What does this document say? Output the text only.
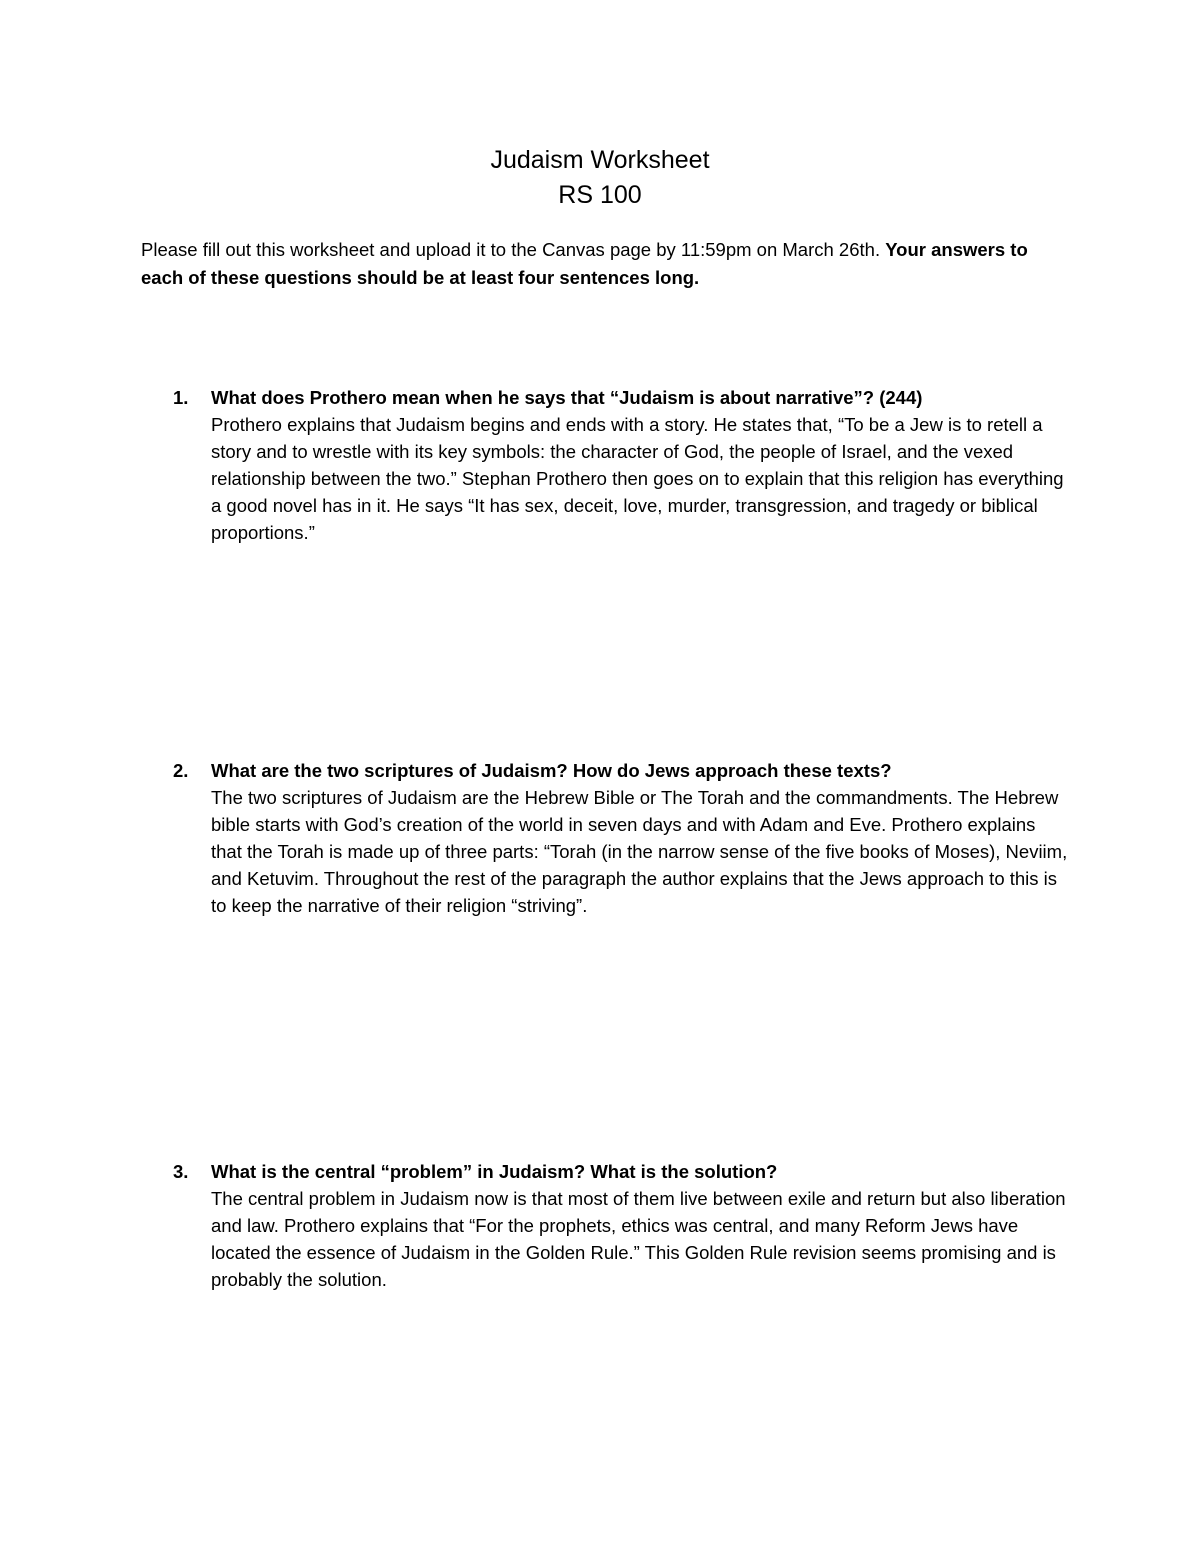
Judaism Worksheet
RS 100
Please fill out this worksheet and upload it to the Canvas page by 11:59pm on March 26th. Your answers to each of these questions should be at least four sentences long.
1. What does Prothero mean when he says that “Judaism is about narrative”? (244)
Prothero explains that Judaism begins and ends with a story. He states that, “To be a Jew is to retell a story and to wrestle with its key symbols: the character of God, the people of Israel, and the vexed relationship between the two.” Stephan Prothero then goes on to explain that this religion has everything a good novel has in it. He says “It has sex, deceit, love, murder, transgression, and tragedy or biblical proportions.”
2. What are the two scriptures of Judaism? How do Jews approach these texts?
The two scriptures of Judaism are the Hebrew Bible or The Torah and the commandments. The Hebrew bible starts with God’s creation of the world in seven days and with Adam and Eve. Prothero explains that the Torah is made up of three parts: “Torah (in the narrow sense of the five books of Moses), Neviim, and Ketuvim. Throughout the rest of the paragraph the author explains that the Jews approach to this is to keep the narrative of their religion “striving”.
3. What is the central “problem” in Judaism? What is the solution?
The central problem in Judaism now is that most of them live between exile and return but also liberation and law. Prothero explains that “For the prophets, ethics was central, and many Reform Jews have located the essence of Judaism in the Golden Rule.” This Golden Rule revision seems promising and is probably the solution.
